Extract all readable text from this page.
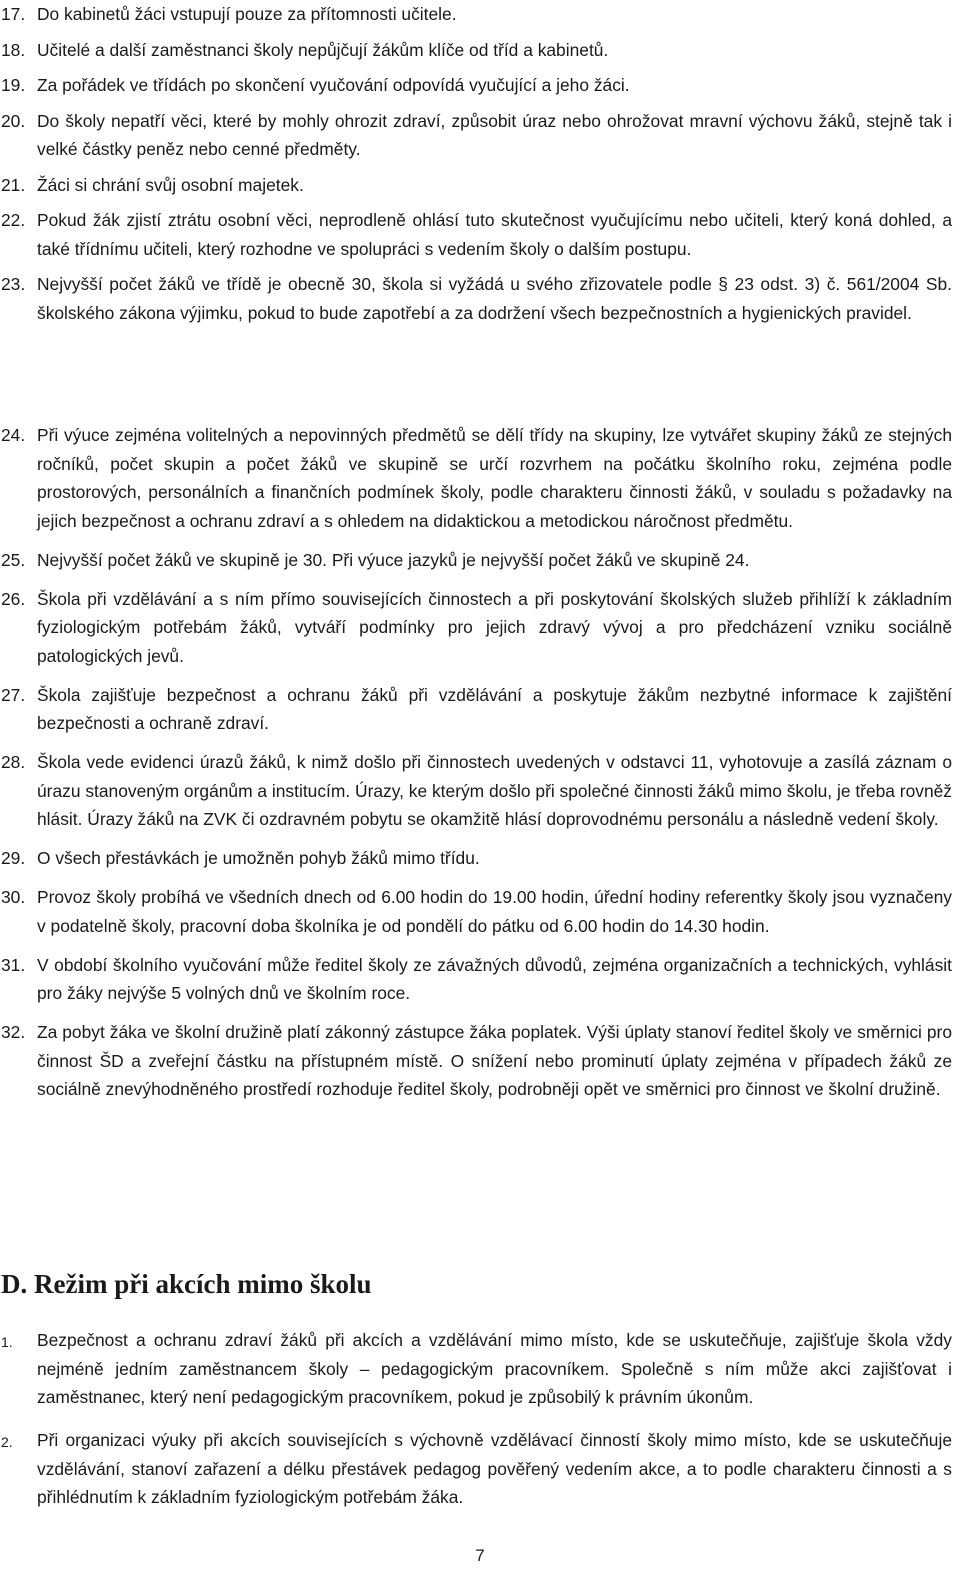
17. Do kabinetů žáci vstupují pouze za přítomnosti učitele.
18. Učitelé a další zaměstnanci školy nepůjčují žákům klíče od tříd a kabinetů.
19. Za pořádek ve třídách po skončení vyučování odpovídá vyučující a jeho žáci.
20. Do školy nepatří věci, které by mohly ohrozit zdraví, způsobit úraz nebo ohrožovat mravní výchovu žáků, stejně tak i velké částky peněz nebo cenné předměty.
21. Žáci si chrání svůj osobní majetek.
22. Pokud žák zjistí ztrátu osobní věci, neprodleně ohlásí tuto skutečnost vyučujícímu nebo učiteli, který koná dohled, a také třídnímu učiteli, který rozhodne ve spolupráci s vedením školy o dalším postupu.
23. Nejvyšší počet žáků ve třídě je obecně 30, škola si vyžádá u svého zřizovatele podle § 23 odst. 3) č. 561/2004 Sb. školského zákona výjimku, pokud to bude zapotřebí a za dodržení všech bezpečnostních a hygienických pravidel.
24. Při výuce zejména volitelných a nepovinných předmětů se dělí třídy na skupiny, lze vytvářet skupiny žáků ze stejných ročníků, počet skupin a počet žáků ve skupině se určí rozvrhem na počátku školního roku, zejména podle prostorových, personálních a finančních podmínek školy, podle charakteru činnosti žáků, v souladu s požadavky na jejich bezpečnost a ochranu zdraví a s ohledem na didaktickou a metodickou náročnost předmětu.
25. Nejvyšší počet žáků ve skupině je 30. Při výuce jazyků je nejvyšší počet žáků ve skupině 24.
26. Škola při vzdělávání a s ním přímo souvisejících činnostech a při poskytování školských služeb přihlíží k základním fyziologickým potřebám žáků, vytváří podmínky pro jejich zdravý vývoj a pro předcházení vzniku sociálně patologických jevů.
27. Škola zajišťuje bezpečnost a ochranu žáků při vzdělávání a poskytuje žákům nezbytné informace k zajištění bezpečnosti a ochraně zdraví.
28. Škola vede evidenci úrazů žáků, k nimž došlo při činnostech uvedených v odstavci 11, vyhotovuje a zasílá záznam o úrazu stanoveným orgánům a institucím. Úrazy, ke kterým došlo při společné činnosti žáků mimo školu, je třeba rovněž hlásit. Úrazy žáků na ZVK či ozdravném pobytu se okamžitě hlásí doprovodnému personálu a následně vedení školy.
29. O všech přestávkách je umožněn pohyb žáků mimo třídu.
30. Provoz školy probíhá ve všedních dnech od 6.00 hodin do 19.00 hodin, úřední hodiny referentky školy jsou vyznačeny v podatelně školy, pracovní doba školníka je od pondělí do pátku od 6.00 hodin do 14.30 hodin.
31. V období školního vyučování může ředitel školy ze závažných důvodů, zejména organizačních a technických, vyhlásit pro žáky nejvýše 5 volných dnů ve školním roce.
32. Za pobyt žáka ve školní družině platí zákonný zástupce žáka poplatek. Výši úplaty stanoví ředitel školy ve směrnici pro činnost ŠD a zveřejní částku na přístupném místě. O snížení nebo prominutí úplaty zejména v případech žáků ze sociálně znevýhodněného prostředí rozhoduje ředitel školy, podrobněji opět ve směrnici pro činnost ve školní družině.
D. Režim při akcích mimo školu
1.	Bezpečnost a ochranu zdraví žáků při akcích a vzdělávání mimo místo, kde se uskutečňuje, zajišťuje škola vždy nejméně jedním zaměstnancem školy – pedagogickým pracovníkem. Společně s ním může akci zajišťovat i zaměstnanec, který není pedagogickým pracovníkem, pokud je způsobilý k právním úkonům.
2.	Při organizaci výuky při akcích souvisejících s výchovně vzdělávací činností školy mimo místo, kde se uskutečňuje vzdělávání, stanoví zařazení a délku přestávek pedagog pověřený vedením akce, a to podle charakteru činnosti a s přihlédnutím k základním fyziologickým potřebám žáka.
7
